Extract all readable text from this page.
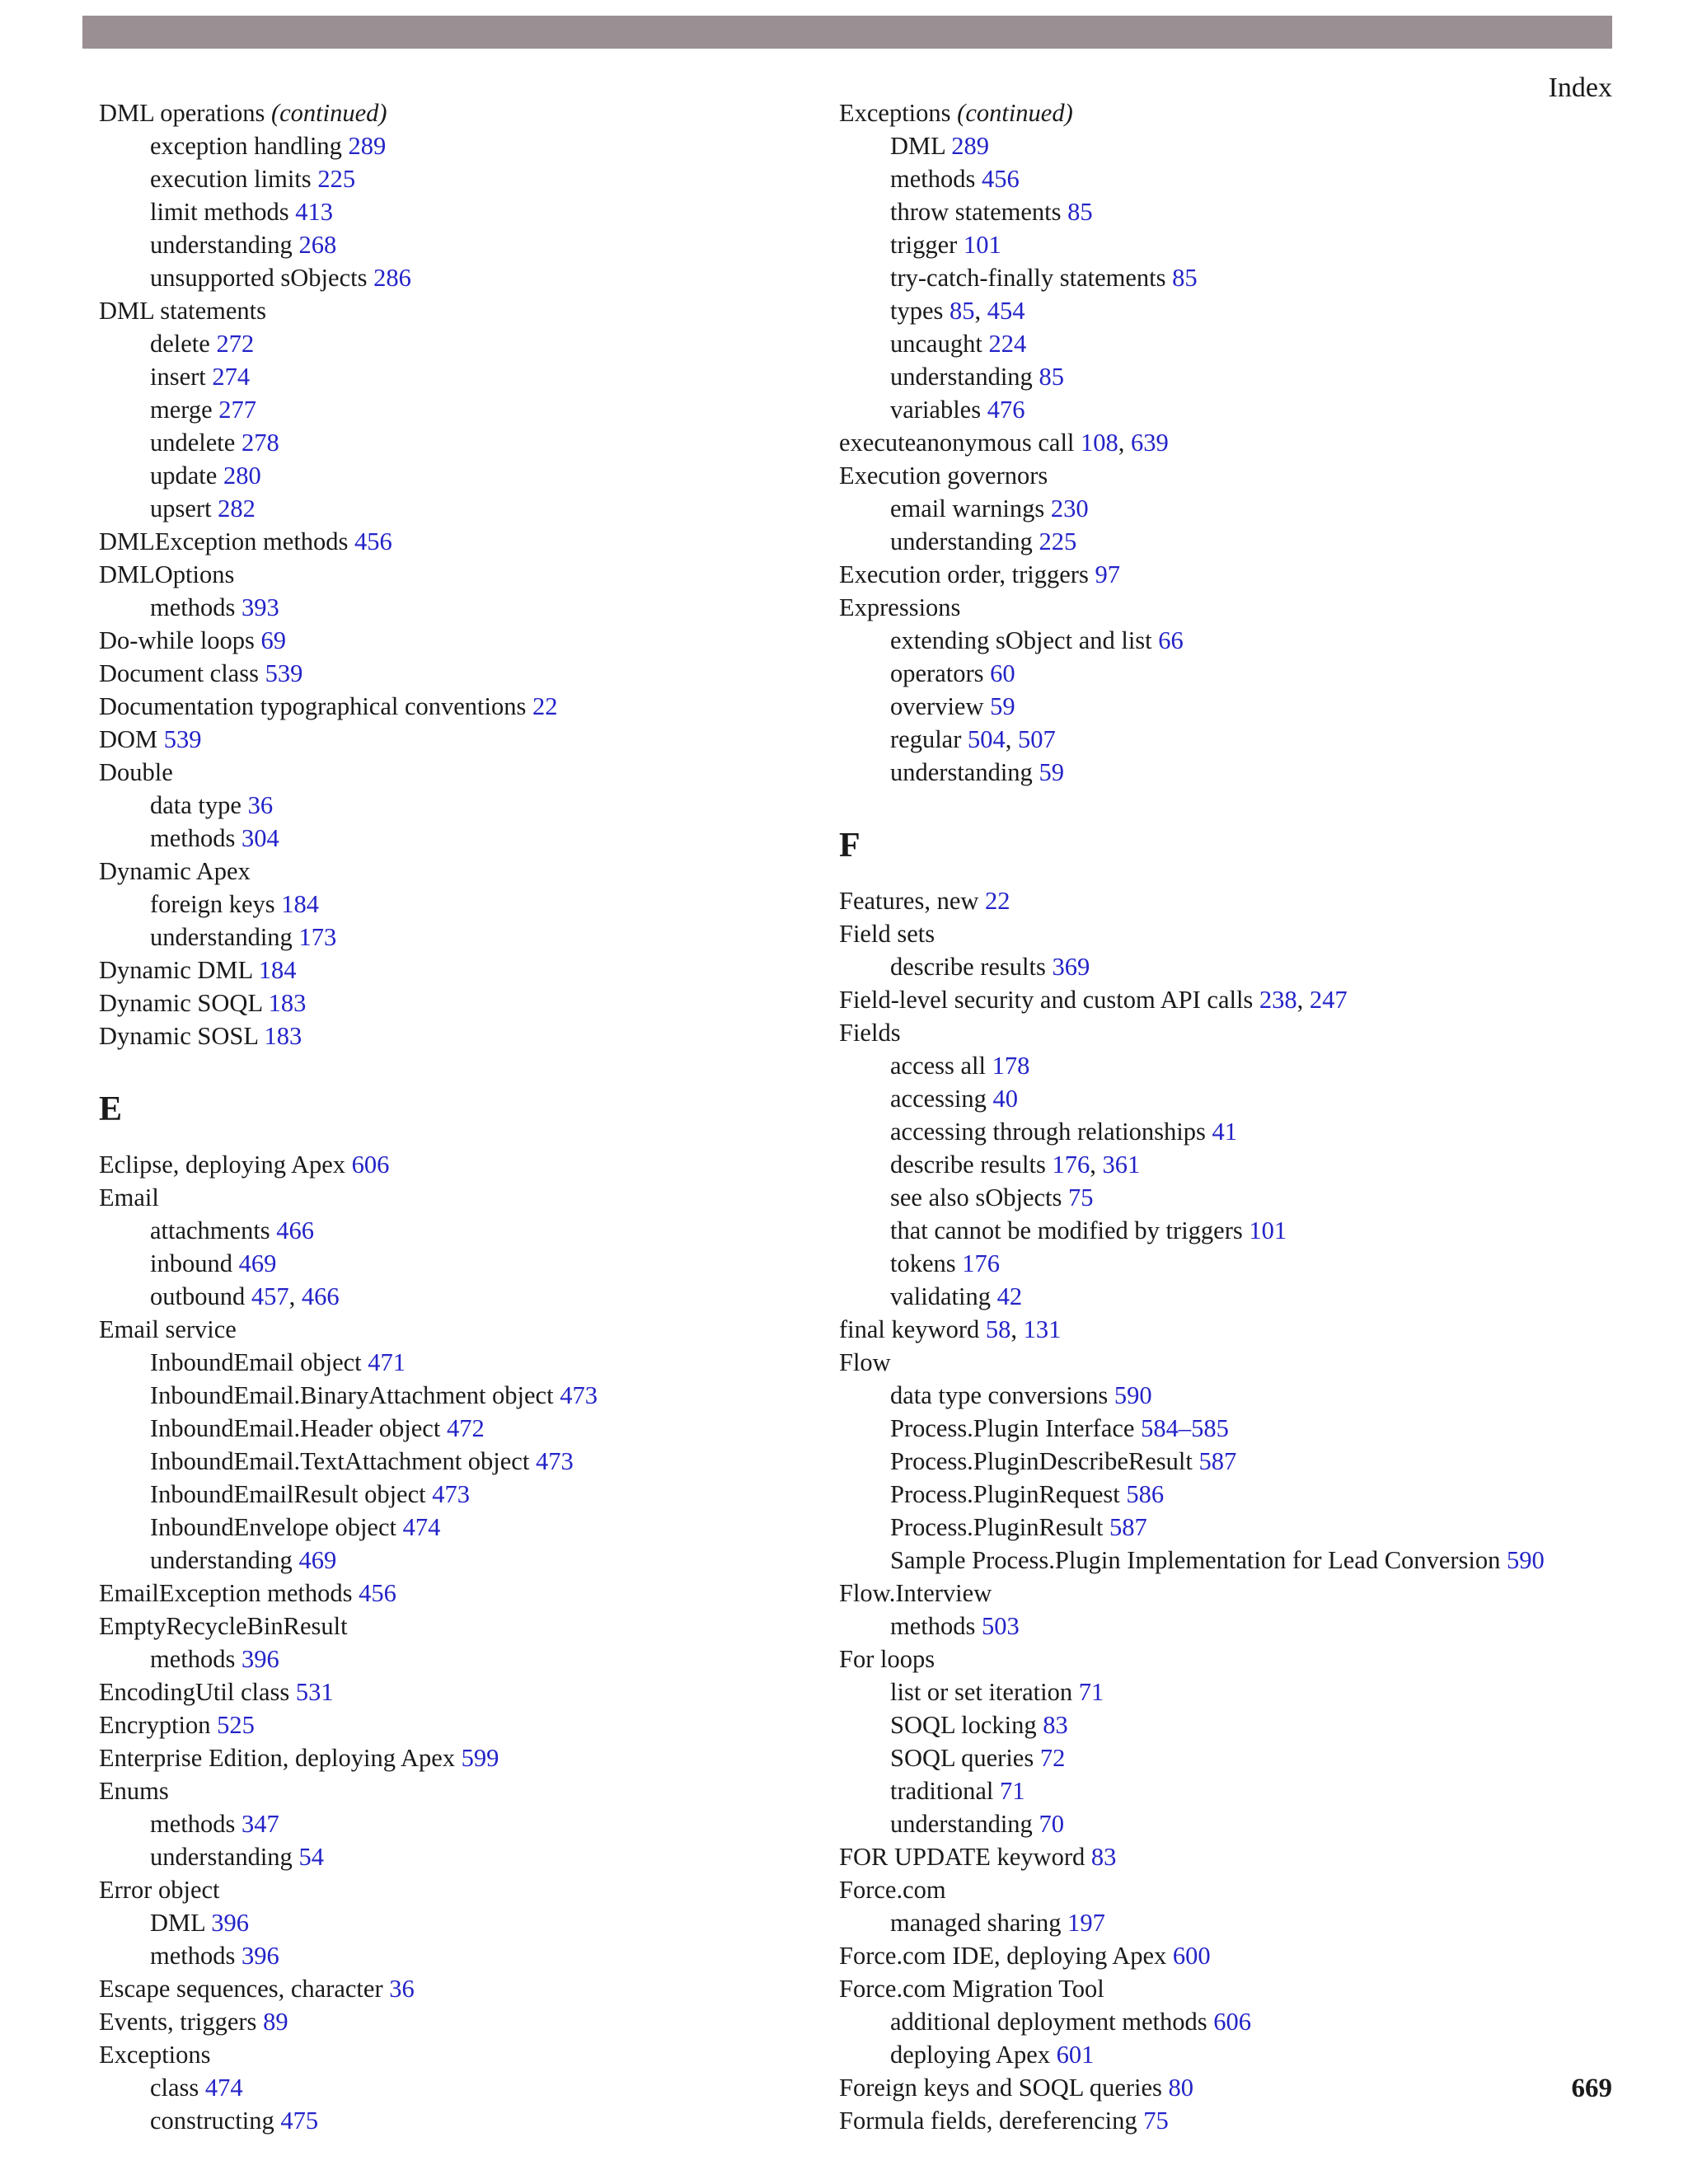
Index
DML operations (continued)
exception handling 289
execution limits 225
limit methods 413
understanding 268
unsupported sObjects 286
DML statements
delete 272
insert 274
merge 277
undelete 278
update 280
upsert 282
DMLException methods 456
DMLOptions
methods 393
Do-while loops 69
Document class 539
Documentation typographical conventions 22
DOM 539
Double
data type 36
methods 304
Dynamic Apex
foreign keys 184
understanding 173
Dynamic DML 184
Dynamic SOQL 183
Dynamic SOSL 183
E
Eclipse, deploying Apex 606
Email
attachments 466
inbound 469
outbound 457, 466
Email service
InboundEmail object 471
InboundEmail.BinaryAttachment object 473
InboundEmail.Header object 472
InboundEmail.TextAttachment object 473
InboundEmailResult object 473
InboundEnvelope object 474
understanding 469
EmailException methods 456
EmptyRecycleBinResult
methods 396
EncodingUtil class 531
Encryption 525
Enterprise Edition, deploying Apex 599
Enums
methods 347
understanding 54
Error object
DML 396
methods 396
Escape sequences, character 36
Events, triggers 89
Exceptions
class 474
constructing 475
Exceptions (continued)
DML 289
methods 456
throw statements 85
trigger 101
try-catch-finally statements 85
types 85, 454
uncaught 224
understanding 85
variables 476
executeanonymous call 108, 639
Execution governors
email warnings 230
understanding 225
Execution order, triggers 97
Expressions
extending sObject and list 66
operators 60
overview 59
regular 504, 507
understanding 59
F
Features, new 22
Field sets
describe results 369
Field-level security and custom API calls 238, 247
Fields
access all 178
accessing 40
accessing through relationships 41
describe results 176, 361
see also sObjects 75
that cannot be modified by triggers 101
tokens 176
validating 42
final keyword 58, 131
Flow
data type conversions 590
Process.Plugin Interface 584–585
Process.PluginDescribeResult 587
Process.PluginRequest 586
Process.PluginResult 587
Sample Process.Plugin Implementation for Lead Conversion 590
Flow.Interview
methods 503
For loops
list or set iteration 71
SOQL locking 83
SOQL queries 72
traditional 71
understanding 70
FOR UPDATE keyword 83
Force.com
managed sharing 197
Force.com IDE, deploying Apex 600
Force.com Migration Tool
additional deployment methods 606
deploying Apex 601
Foreign keys and SOQL queries 80
Formula fields, dereferencing 75
669
